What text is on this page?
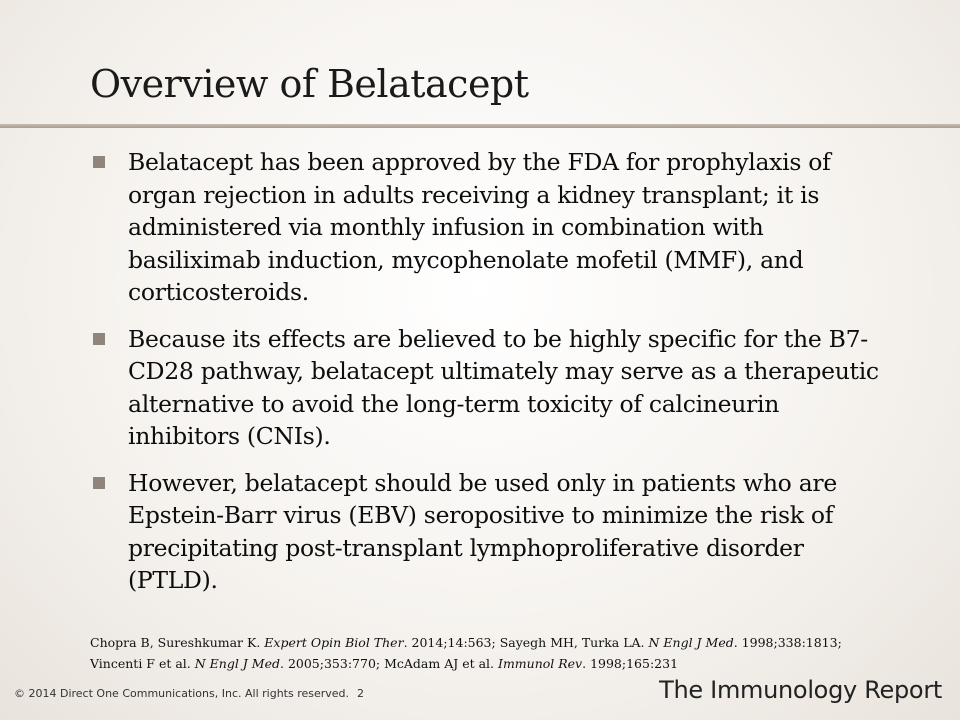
Overview of Belatacept
Belatacept has been approved by the FDA for prophylaxis of organ rejection in adults receiving a kidney transplant; it is administered via monthly infusion in combination with basiliximab induction, mycophenolate mofetil (MMF), and corticosteroids.
Because its effects are believed to be highly specific for the B7-CD28 pathway, belatacept ultimately may serve as a therapeutic alternative to avoid the long-term toxicity of calcineurin inhibitors (CNIs).
However, belatacept should be used only in patients who are Epstein-Barr virus (EBV) seropositive to minimize the risk of precipitating post-transplant lymphoproliferative disorder (PTLD).
Chopra B, Sureshkumar K. Expert Opin Biol Ther. 2014;14:563; Sayegh MH, Turka LA. N Engl J Med. 1998;338:1813; Vincenti F et al. N Engl J Med. 2005;353:770; McAdam AJ et al. Immunol Rev. 1998;165:231
© 2014 Direct One Communications, Inc. All rights reserved. 2	The Immunology Report
